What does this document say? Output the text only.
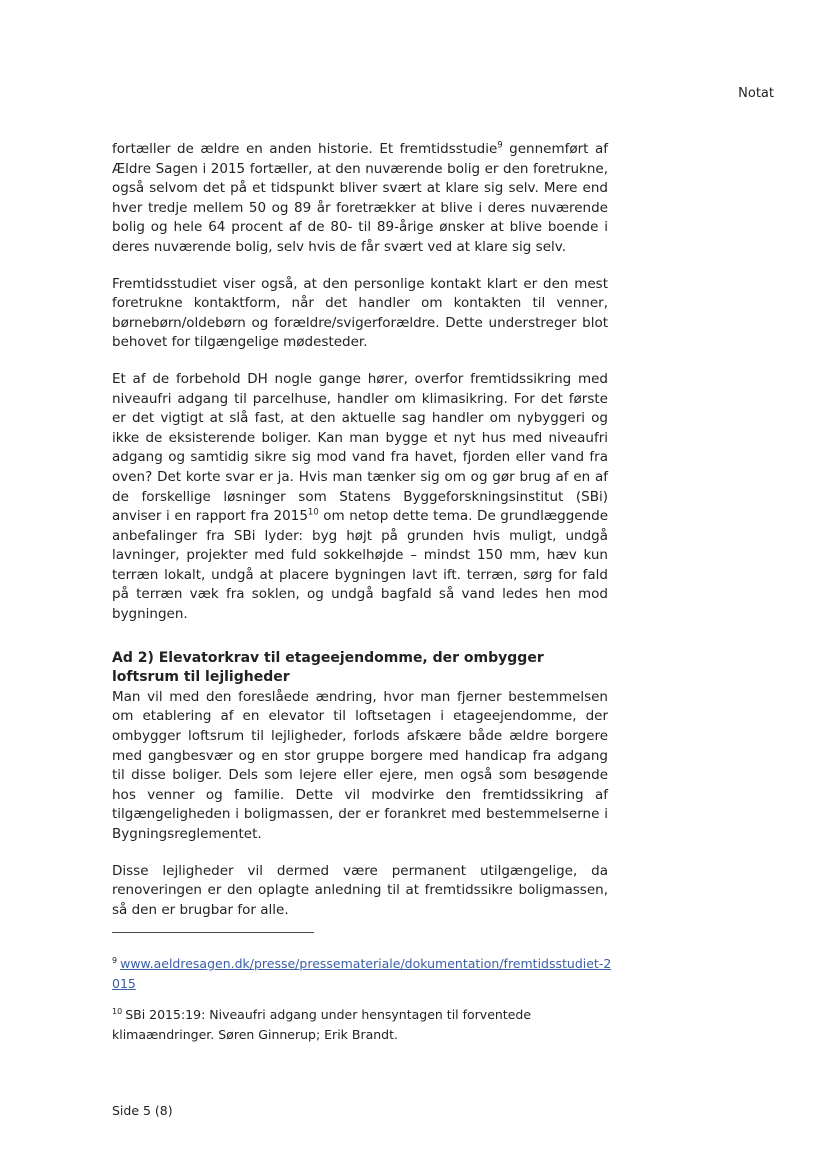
Notat

fortæller de ældre en anden historie. Et fremtidsstudie$^9$ gennemført af Ældre Sagen i 2015 fortæller, at den nuværende bolig er den foretrukne, også selvom det på et tidspunkt bliver svært at klare sig selv. Mere end hver tredje mellem 50 og 89 år foretrækker at blive i deres nuværende bolig og hele 64 procent af de 80- til 89-årige ønsker at blive boende i deres nuværende bolig, selv hvis de får svært ved at klare sig selv.

Fremtidsstudiet viser også, at den personlige kontakt klart er den mest foretrukne kontaktform, når det handler om kontakten til venner, børnebørn/oldebørn og forældre/svigerforældre. Dette understreger blot behovet for tilgængelige mødesteder.

Et af de forbehold DH nogle gange hører, overfor fremtidssikring med niveaufri adgang til parcelhuse, handler om klimasikring. For det første er det vigtigt at slå fast, at den aktuelle sag handler om nybyggeri og ikke de eksisterende boliger. Kan man bygge et nyt hus med niveaufri adgang og samtidig sikre sig mod vand fra havet, fjorden eller vand fra oven? Det korte svar er ja. Hvis man tænker sig om og gør brug af en af de forskellige løsninger som Statens Byggeforskningsinstitut (SBi) anviser i en rapport fra 2015$^{10}$ om netop dette tema. De grundlæggende anbefalinger fra SBi lyder: byg højt på grunden hvis muligt, undgå lavninger, projekter med fuld sokkelhøjde – mindst 150 mm, hæv kun terræn lokalt, undgå at placere bygningen lavt ift. terræn, sørg for fald på terræn væk fra soklen, og undgå bagfald så vand ledes hen mod bygningen.

Ad 2) Elevatorkrav til etageejendomme, der ombygger loftsrum til lejligheder

Man vil med den foreslåede ændring, hvor man fjerner bestemmelsen om etablering af en elevator til loftsetagen i etageejendomme, der ombygger loftsrum til lejligheder, forlods afskære både ældre borgere med gangbesvær og en stor gruppe borgere med handicap fra adgang til disse boliger. Dels som lejere eller ejere, men også som besøgende hos venner og familie. Dette vil modvirke den fremtidssikring af tilgængeligheden i boligmassen, der er forankret med bestemmelserne i Bygningsreglementet.

Disse lejligheder vil dermed være permanent utilgængelige, da renoveringen er den oplagte anledning til at fremtidssikre boligmassen, så den er brugbar for alle.

$^9$ www.aeldresagen.dk/presse/pressemateriale/dokumentation/fremtidsstudiet-2015

$^{10}$ SBi 2015:19: Niveaufri adgang under hensyntagen til forventede klimaændringer. Søren Ginnerup; Erik Brandt.

Side 5 (8)
